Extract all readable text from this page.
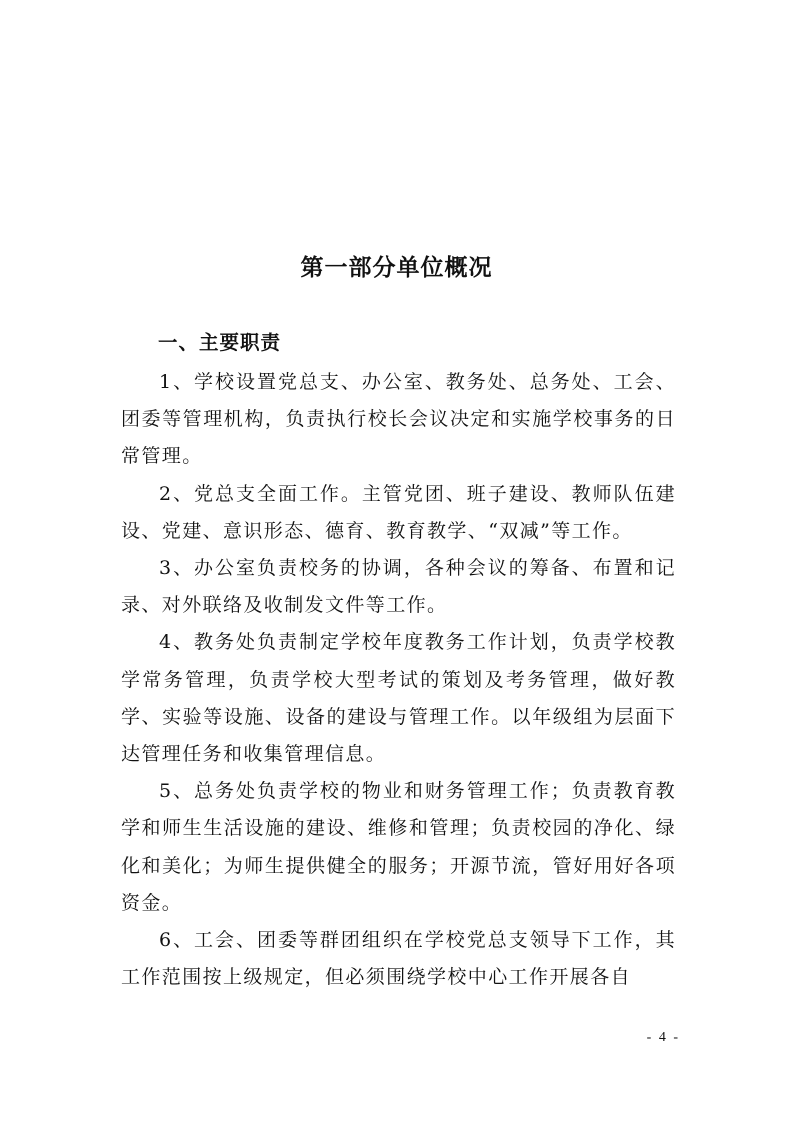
第一部分单位概况
一、主要职责

1、学校设置党总支、办公室、教务处、总务处、工会、团委等管理机构，负责执行校长会议决定和实施学校事务的日常管理。

2、党总支全面工作。主管党团、班子建设、教师队伍建设、党建、意识形态、德育、教育教学、“双减”等工作。

3、办公室负责校务的协调，各种会议的筹备、布置和记录、对外联络及收制发文件等工作。

4、教务处负责制定学校年度教务工作计划，负责学校教学常务管理，负责学校大型考试的策划及考务管理，做好教学、实验等设施、设备的建设与管理工作。以年级组为层面下达管理任务和收集管理信息。

5、总务处负责学校的物业和财务管理工作；负责教育教学和师生生活设施的建设、维修和管理；负责校园的净化、绿化和美化；为师生提供健全的服务；开源节流，管好用好各项资金。

6、工会、团委等群团组织在学校党总支领导下工作，其工作范围按上级规定，但必须围绕学校中心工作开展各自

- 4 -
